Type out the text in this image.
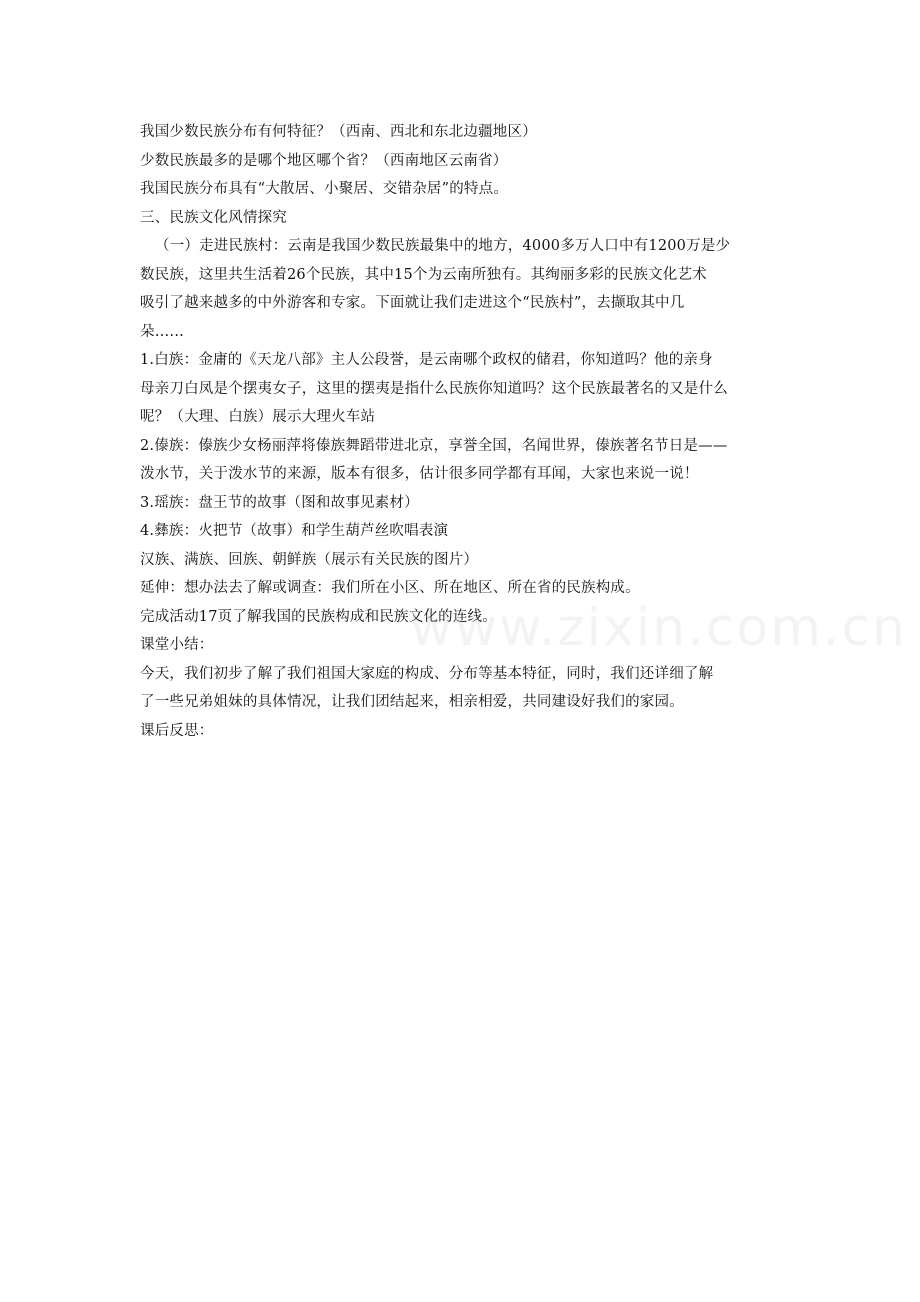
我国少数民族分布有何特征？（西南、西北和东北边疆地区）
少数民族最多的是哪个地区哪个省？（西南地区云南省）
我国民族分布具有“大散居、小聚居、交错杂居”的特点。
三、民族文化风情探究
（一）走进民族村：云南是我国少数民族最集中的地方，4000多万人口中有1200万是少
数民族，这里共生活着26个民族，其中15个为云南所独有。其绚丽多彩的民族文化艺术
吸引了越来越多的中外游客和专家。下面就让我们走进这个“民族村”，去撷取其中几
朵……
1.白族：金庸的《天龙八部》主人公段誉，是云南哪个政权的储君，你知道吗？他的亲身
母亲刀白凤是个摆夷女子，这里的摆夷是指什么民族你知道吗？这个民族最著名的又是什么
呢？（大理、白族）展示大理火车站
2.傣族：傣族少女杨丽萍将傣族舞蹈带进北京，享誉全国，名闻世界，傣族著名节日是——
泼水节，关于泼水节的来源，版本有很多，估计很多同学都有耳闻，大家也来说一说！
3.瑶族：盘王节的故事（图和故事见素材）
4.彝族：火把节（故事）和学生葫芦丝吹唱表演
汉族、满族、回族、朝鲜族（展示有关民族的图片）
延伸：想办法去了解或调查：我们所在小区、所在地区、所在省的民族构成。
完成活动17页了解我国的民族构成和民族文化的连线。
课堂小结：
今天，我们初步了解了我们祖国大家庭的构成、分布等基本特征，同时，我们还详细了解
了一些兄弟姐妹的具体情况，让我们团结起来，相亲相爱，共同建设好我们的家园。
课后反思：
www.zixin.com.cn
